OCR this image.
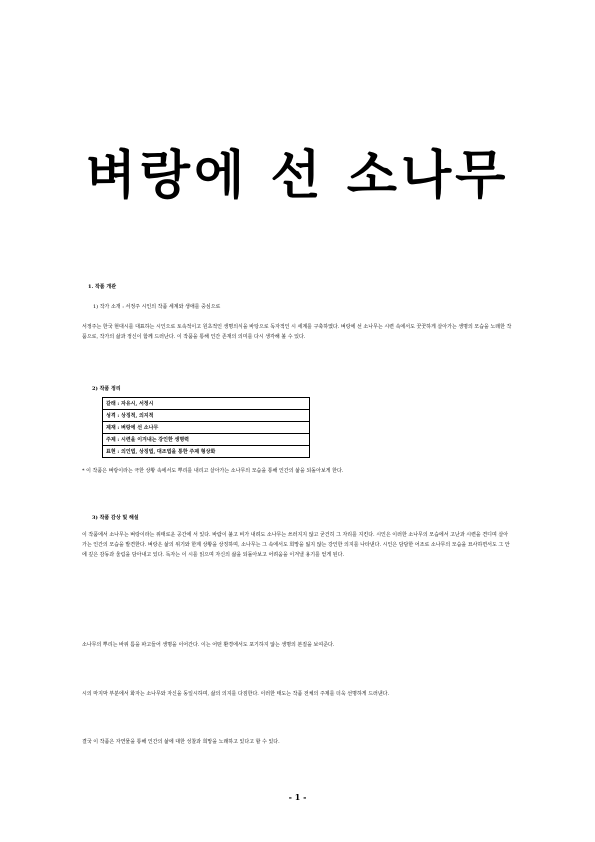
벼랑에 선 소나무
1. 작품 개관
1) 작가 소개 : 서정주 시인의 작품 세계와 생애를 중심으로
서정주는 한국 현대시를 대표하는 시인으로 토속적이고 원초적인 생명의식을 바탕으로 독자적인 시 세계를 구축하였다. 벼랑에 선 소나무는 시련 속에서도 꿋꿋하게 살아가는 생명의 모습을 노래한 작품으로, 작가의 삶과 정신이 함께 드러난다. 이 작품을 통해 인간 존재의 의미를 다시 생각해 볼 수 있다.
2) 작품 정리
갈래 : 자유시, 서정시
성격 : 상징적, 의지적
제재 : 벼랑에 선 소나무
주제 : 시련을 이겨내는 강인한 생명력
표현 : 의인법, 상징법, 대조법을 통한 주제 형상화
* 이 작품은 벼랑이라는 극한 상황 속에서도 뿌리를 내리고 살아가는 소나무의 모습을 통해 인간의 삶을 되돌아보게 한다.
3) 작품 감상 및 해설
이 작품에서 소나무는 벼랑이라는 위태로운 공간에 서 있다. 바람이 불고 비가 내려도 소나무는 쓰러지지 않고 굳건히 그 자리를 지킨다. 시인은 이러한 소나무의 모습에서 고난과 시련을 견디며 살아가는 인간의 모습을 발견한다. 벼랑은 삶의 위기와 한계 상황을 상징하며, 소나무는 그 속에서도 희망을 잃지 않는 강인한 의지를 나타낸다. 시인은 담담한 어조로 소나무의 모습을 묘사하면서도 그 안에 깊은 감동과 울림을 담아내고 있다. 독자는 이 시를 읽으며 자신의 삶을 되돌아보고 어려움을 이겨낼 용기를 얻게 된다.
소나무의 뿌리는 바위 틈을 파고들어 생명을 이어간다. 이는 어떤 환경에서도 포기하지 않는 생명의 본질을 보여준다.
시의 마지막 부분에서 화자는 소나무와 자신을 동일시하며, 삶의 의지를 다짐한다. 이러한 태도는 작품 전체의 주제를 더욱 선명하게 드러낸다.
결국 이 작품은 자연물을 통해 인간의 삶에 대한 성찰과 희망을 노래하고 있다고 할 수 있다.
- 1 -
